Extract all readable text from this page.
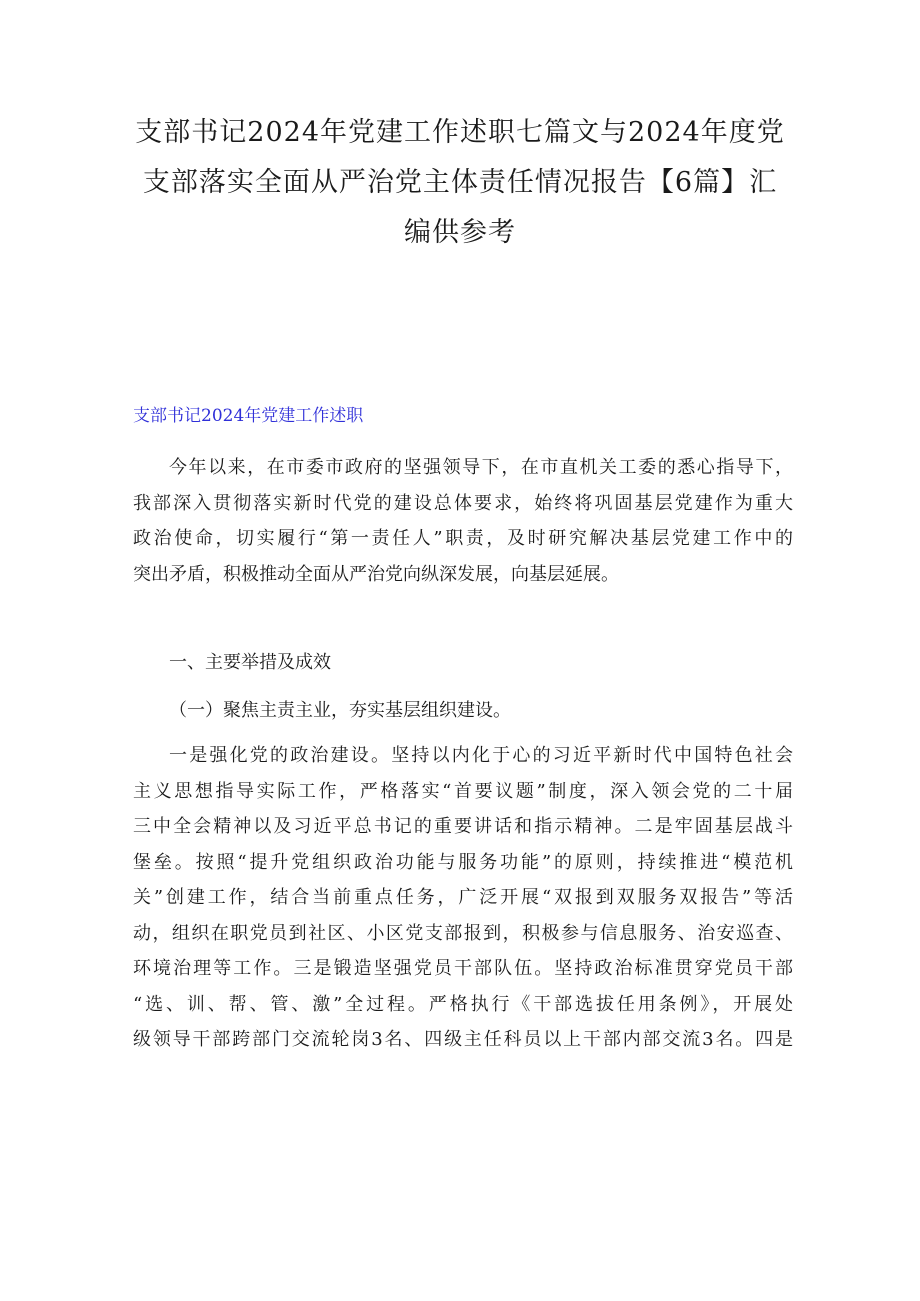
支部书记2024年党建工作述职七篇文与2024年度党
支部落实全面从严治党主体责任情况报告【6篇】汇
编供参考
支部书记2024年党建工作述职

今年以来，在市委市政府的坚强领导下，在市直机关工委的悉心指导下，
我部深入贯彻落实新时代党的建设总体要求，始终将巩固基层党建作为重大
政治使命，切实履行“第一责任人”职责，及时研究解决基层党建工作中的
突出矛盾，积极推动全面从严治党向纵深发展，向基层延展。

一、主要举措及成效

（一）聚焦主责主业，夯实基层组织建设。

一是强化党的政治建设。坚持以内化于心的习近平新时代中国特色社会
主义思想指导实际工作，严格落实“首要议题”制度，深入领会党的二十届
三中全会精神以及习近平总书记的重要讲话和指示精神。二是牢固基层战斗
堡垒。按照“提升党组织政治功能与服务功能”的原则，持续推进“模范机
关”创建工作，结合当前重点任务，广泛开展“双报到双服务双报告”等活
动，组织在职党员到社区、小区党支部报到，积极参与信息服务、治安巡查、
环境治理等工作。三是锻造坚强党员干部队伍。坚持政治标准贯穿党员干部
“选、训、帮、管、激”全过程。严格执行《干部选拔任用条例》，开展处
级领导干部跨部门交流轮岗3名、四级主任科员以上干部内部交流3名。四是
